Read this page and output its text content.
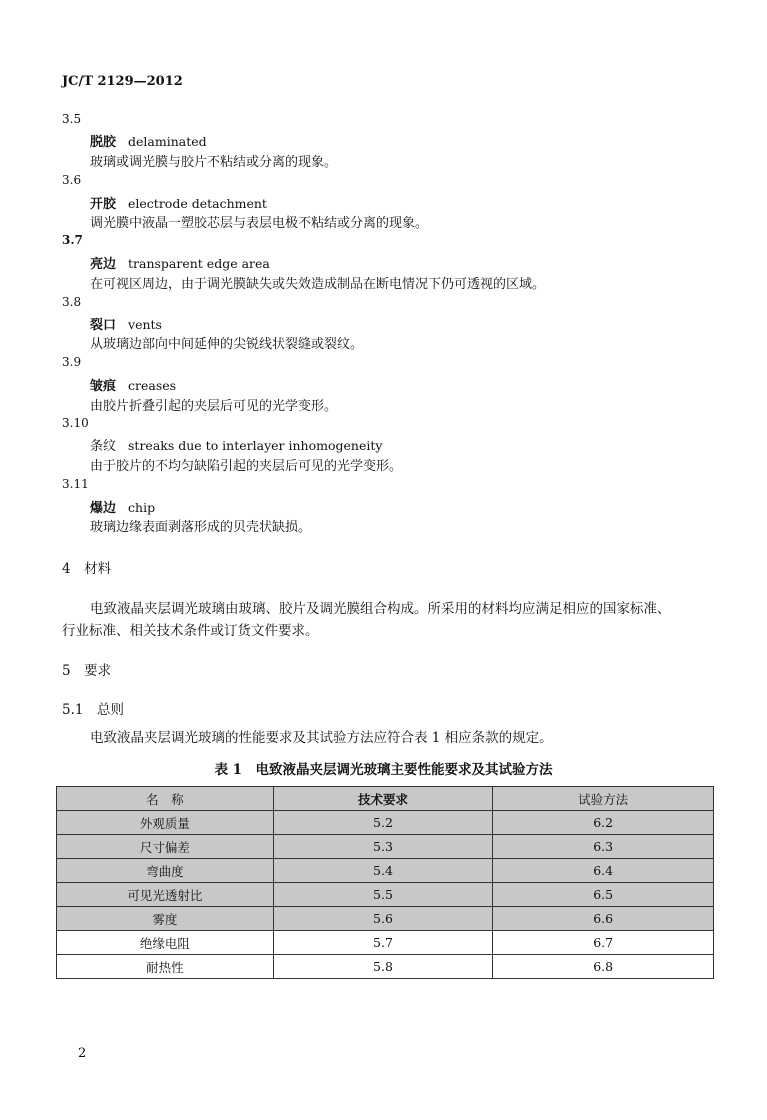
JC/T 2129—2012
3.5
脱胶 delaminated
玻璃或调光膜与胶片不粘结或分离的现象。
3.6
开胶 electrode detachment
调光膜中液晶一塑胶芯层与表层电极不粘结或分离的现象。
3.7
亮边 transparent edge area
在可视区周边，由于调光膜缺失或失效造成制品在断电情况下仍可透视的区域。
3.8
裂口 vents
从玻璃边部向中间延伸的尖锐线状裂缝或裂纹。
3.9
皱痕 creases
由胶片折叠引起的夹层后可见的光学变形。
3.10
条纹 streaks due to interlayer inhomogeneity
由于胶片的不均匀缺陷引起的夹层后可见的光学变形。
3.11
爆边 chip
玻璃边缘表面剥落形成的贝壳状缺损。
4　材料
电致液晶夹层调光玻璃由玻璃、胶片及调光膜组合构成。所采用的材料均应满足相应的国家标准、
行业标准、相关技术条件或订货文件要求。
5　要求
5.1　总则
电致液晶夹层调光玻璃的性能要求及其试验方法应符合表 1 相应条款的规定。
表 1　电致液晶夹层调光玻璃主要性能要求及其试验方法
名　称	技术要求	试验方法
外观质量	5.2	6.2
尺寸偏差	5.3	6.3
弯曲度	5.4	6.4
可见光透射比	5.5	6.5
雾度	5.6	6.6
绝缘电阻	5.7	6.7
耐热性	5.8	6.8
2
